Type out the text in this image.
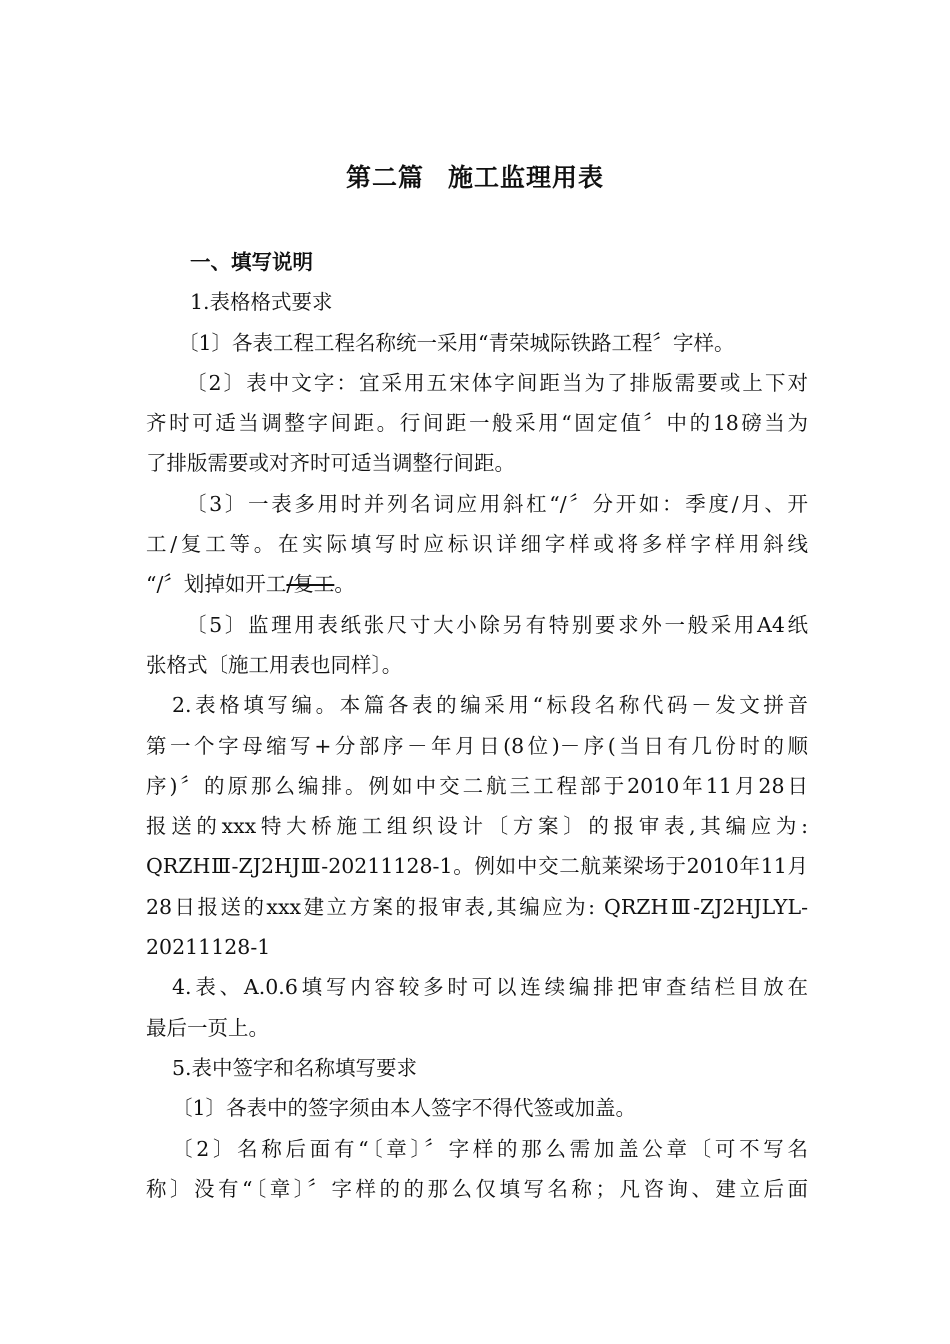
第二篇 施工监理用表
一、填写说明
1.表格格式要求
〔1〕各表工程工程名称统一采用“青荣城际铁路工程〞字样。
〔2〕表中文字：宜采用五宋体字间距当为了排版需要或上下对
齐时可适当调整字间距。行间距一般采用“固定值〞中的18磅当为
了排版需要或对齐时可适当调整行间距。
〔3〕一表多用时并列名词应用斜杠“/〞分开如：季度/月、开
工/复工等。在实际填写时应标识详细字样或将多样字样用斜线
“/〞划掉如开工/复工。
〔5〕监理用表纸张尺寸大小除另有特别要求外一般采用A4纸
张格式〔施工用表也同样〕。
2.表格填写编。本篇各表的编采用“标段名称代码－发文拼音
第一个字母缩写+分部序－年月日(8位)－序(当日有几份时的顺
序)〞的原那么编排。例如中交二航三工程部于2010年11月28日
报送的xxx特大桥施工组织设计〔方案〕的报审表,其编应为:
QRZHⅢ-ZJ2HJⅢ-20211128-1。例如中交二航莱梁场于2010年11月
28日报送的xxx建立方案的报审表,其编应为: QRZHⅢ-ZJ2HJLYL-
20211128-1
4.表、A.0.6填写内容较多时可以连续编排把审查结栏目放在
最后一页上。
5.表中签字和名称填写要求
〔1〕各表中的签字须由本人签字不得代签或加盖。
〔2〕名称后面有“〔章〕〞字样的那么需加盖公章〔可不写名
称〕没有“〔章〕〞字样的的那么仅填写名称；凡咨询、建立后面
